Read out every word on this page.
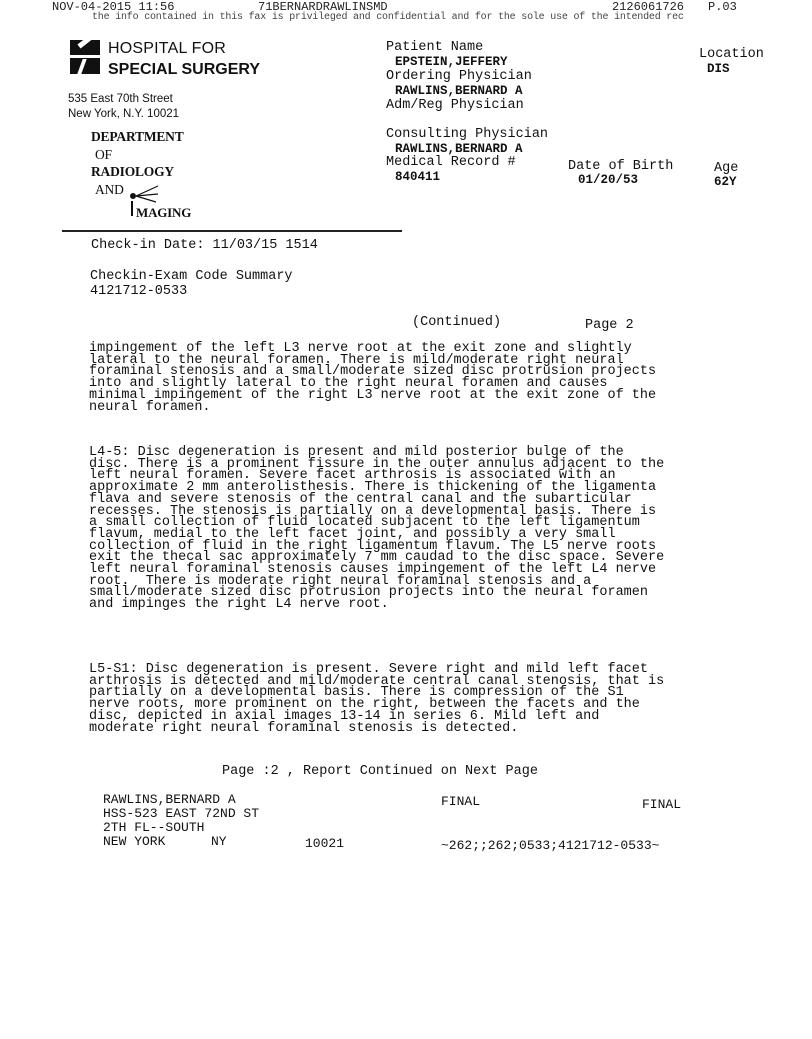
NOV-04-2015 11:56	71BERNARDRAWLINSMD	2126061726 P.03
the info contained in this fax is privileged and confidential and for the sole use of the intended rec
HOSPITAL FOR
SPECIAL SURGERY
535 East 70th Street
New York, N.Y. 10021
DEPARTMENT
OF
RADIOLOGY
AND
MAGING
Patient Name
EPSTEIN,JEFFERY	Location
DIS
Ordering Physician
RAWLINS,BERNARD A
Adm/Reg Physician
Consulting Physician
RAWLINS,BERNARD A
Medical Record #
840411
Date of Birth
01/20/53
Age
62Y
Check-in Date: 11/03/15 1514
Checkin-Exam Code Summary
4121712-0533
(Continued)	Page 2
impingement of the left L3 nerve root at the exit zone and slightly
lateral to the neural foramen. There is mild/moderate right neural
foraminal stenosis and a small/moderate sized disc protrusion projects
into and slightly lateral to the right neural foramen and causes
minimal impingement of the right L3 nerve root at the exit zone of the
neural foramen.
L4-5: Disc degeneration is present and mild posterior bulge of the
disc. There is a prominent fissure in the outer annulus adjacent to the
left neural foramen. Severe facet arthrosis is associated with an
approximate 2 mm anterolisthesis. There is thickening of the ligamenta
flava and severe stenosis of the central canal and the subarticular
recesses. The stenosis is partially on a developmental basis. There is
a small collection of fluid located subjacent to the left ligamentum
flavum, medial to the left facet joint, and possibly a very small
collection of fluid in the right ligamentum flavum. The L5 nerve roots
exit the thecal sac approximately 7 mm caudad to the disc space. Severe
left neural foraminal stenosis causes impingement of the left L4 nerve
root.  There is moderate right neural foraminal stenosis and a
small/moderate sized disc protrusion projects into the neural foramen
and impinges the right L4 nerve root.
L5-S1: Disc degeneration is present. Severe right and mild left facet
arthrosis is detected and mild/moderate central canal stenosis, that is
partially on a developmental basis. There is compression of the S1
nerve roots, more prominent on the right, between the facets and the
disc, depicted in axial images 13-14 in series 6. Mild left and
moderate right neural foraminal stenosis is detected.
Page :2 , Report Continued on Next Page
RAWLINS,BERNARD A
HSS-523 EAST 72ND ST
2TH FL--SOUTH
NEW YORK	NY	10021
FINAL	FINAL
~262;;262;0533;4121712-0533~
